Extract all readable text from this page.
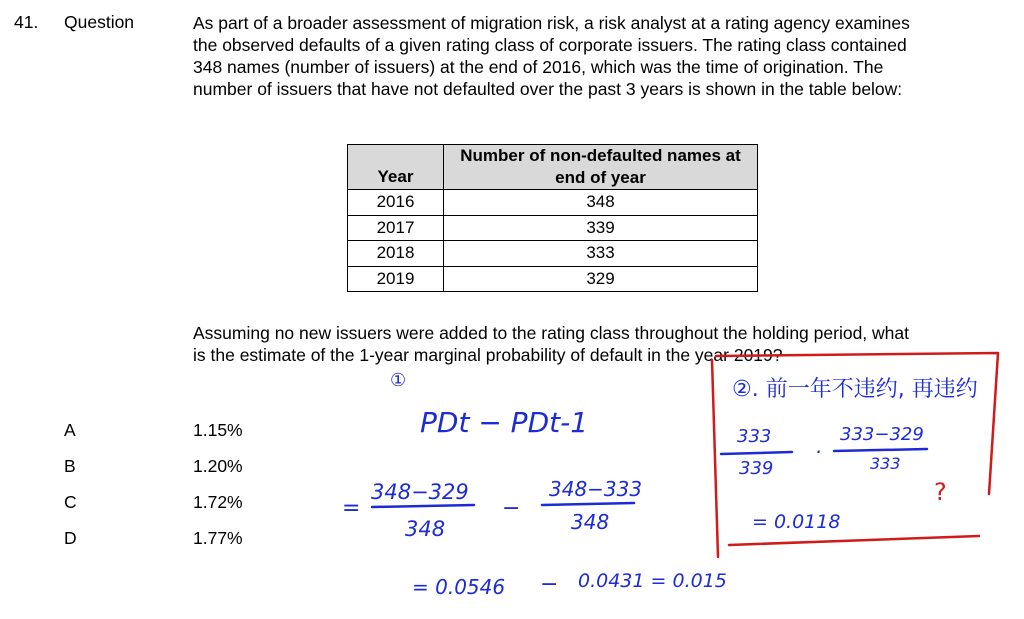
41. Question	As part of a broader assessment of migration risk, a risk analyst at a rating agency examines the observed defaults of a given rating class of corporate issuers. The rating class contained 348 names (number of issuers) at the end of 2016, which was the time of origination. The number of issuers that have not defaulted over the past 3 years is shown in the table below:
Year	Number of non-defaulted names at end of year
2016	348
2017	339
2018	333
2019	329
Assuming no new issuers were added to the rating class throughout the holding period, what is the estimate of the 1-year marginal probability of default in the year 2019?
A	1.15%
B	1.20%
C	1.72%
D	1.77%
①
PDt − PDt-1
=
348−329
348
−
348−333
348
= 0.0546 − 0.0431 = 0.015
②. 前一年不违约, 再违约
333
339
·
333−329
333
?
= 0.0118
